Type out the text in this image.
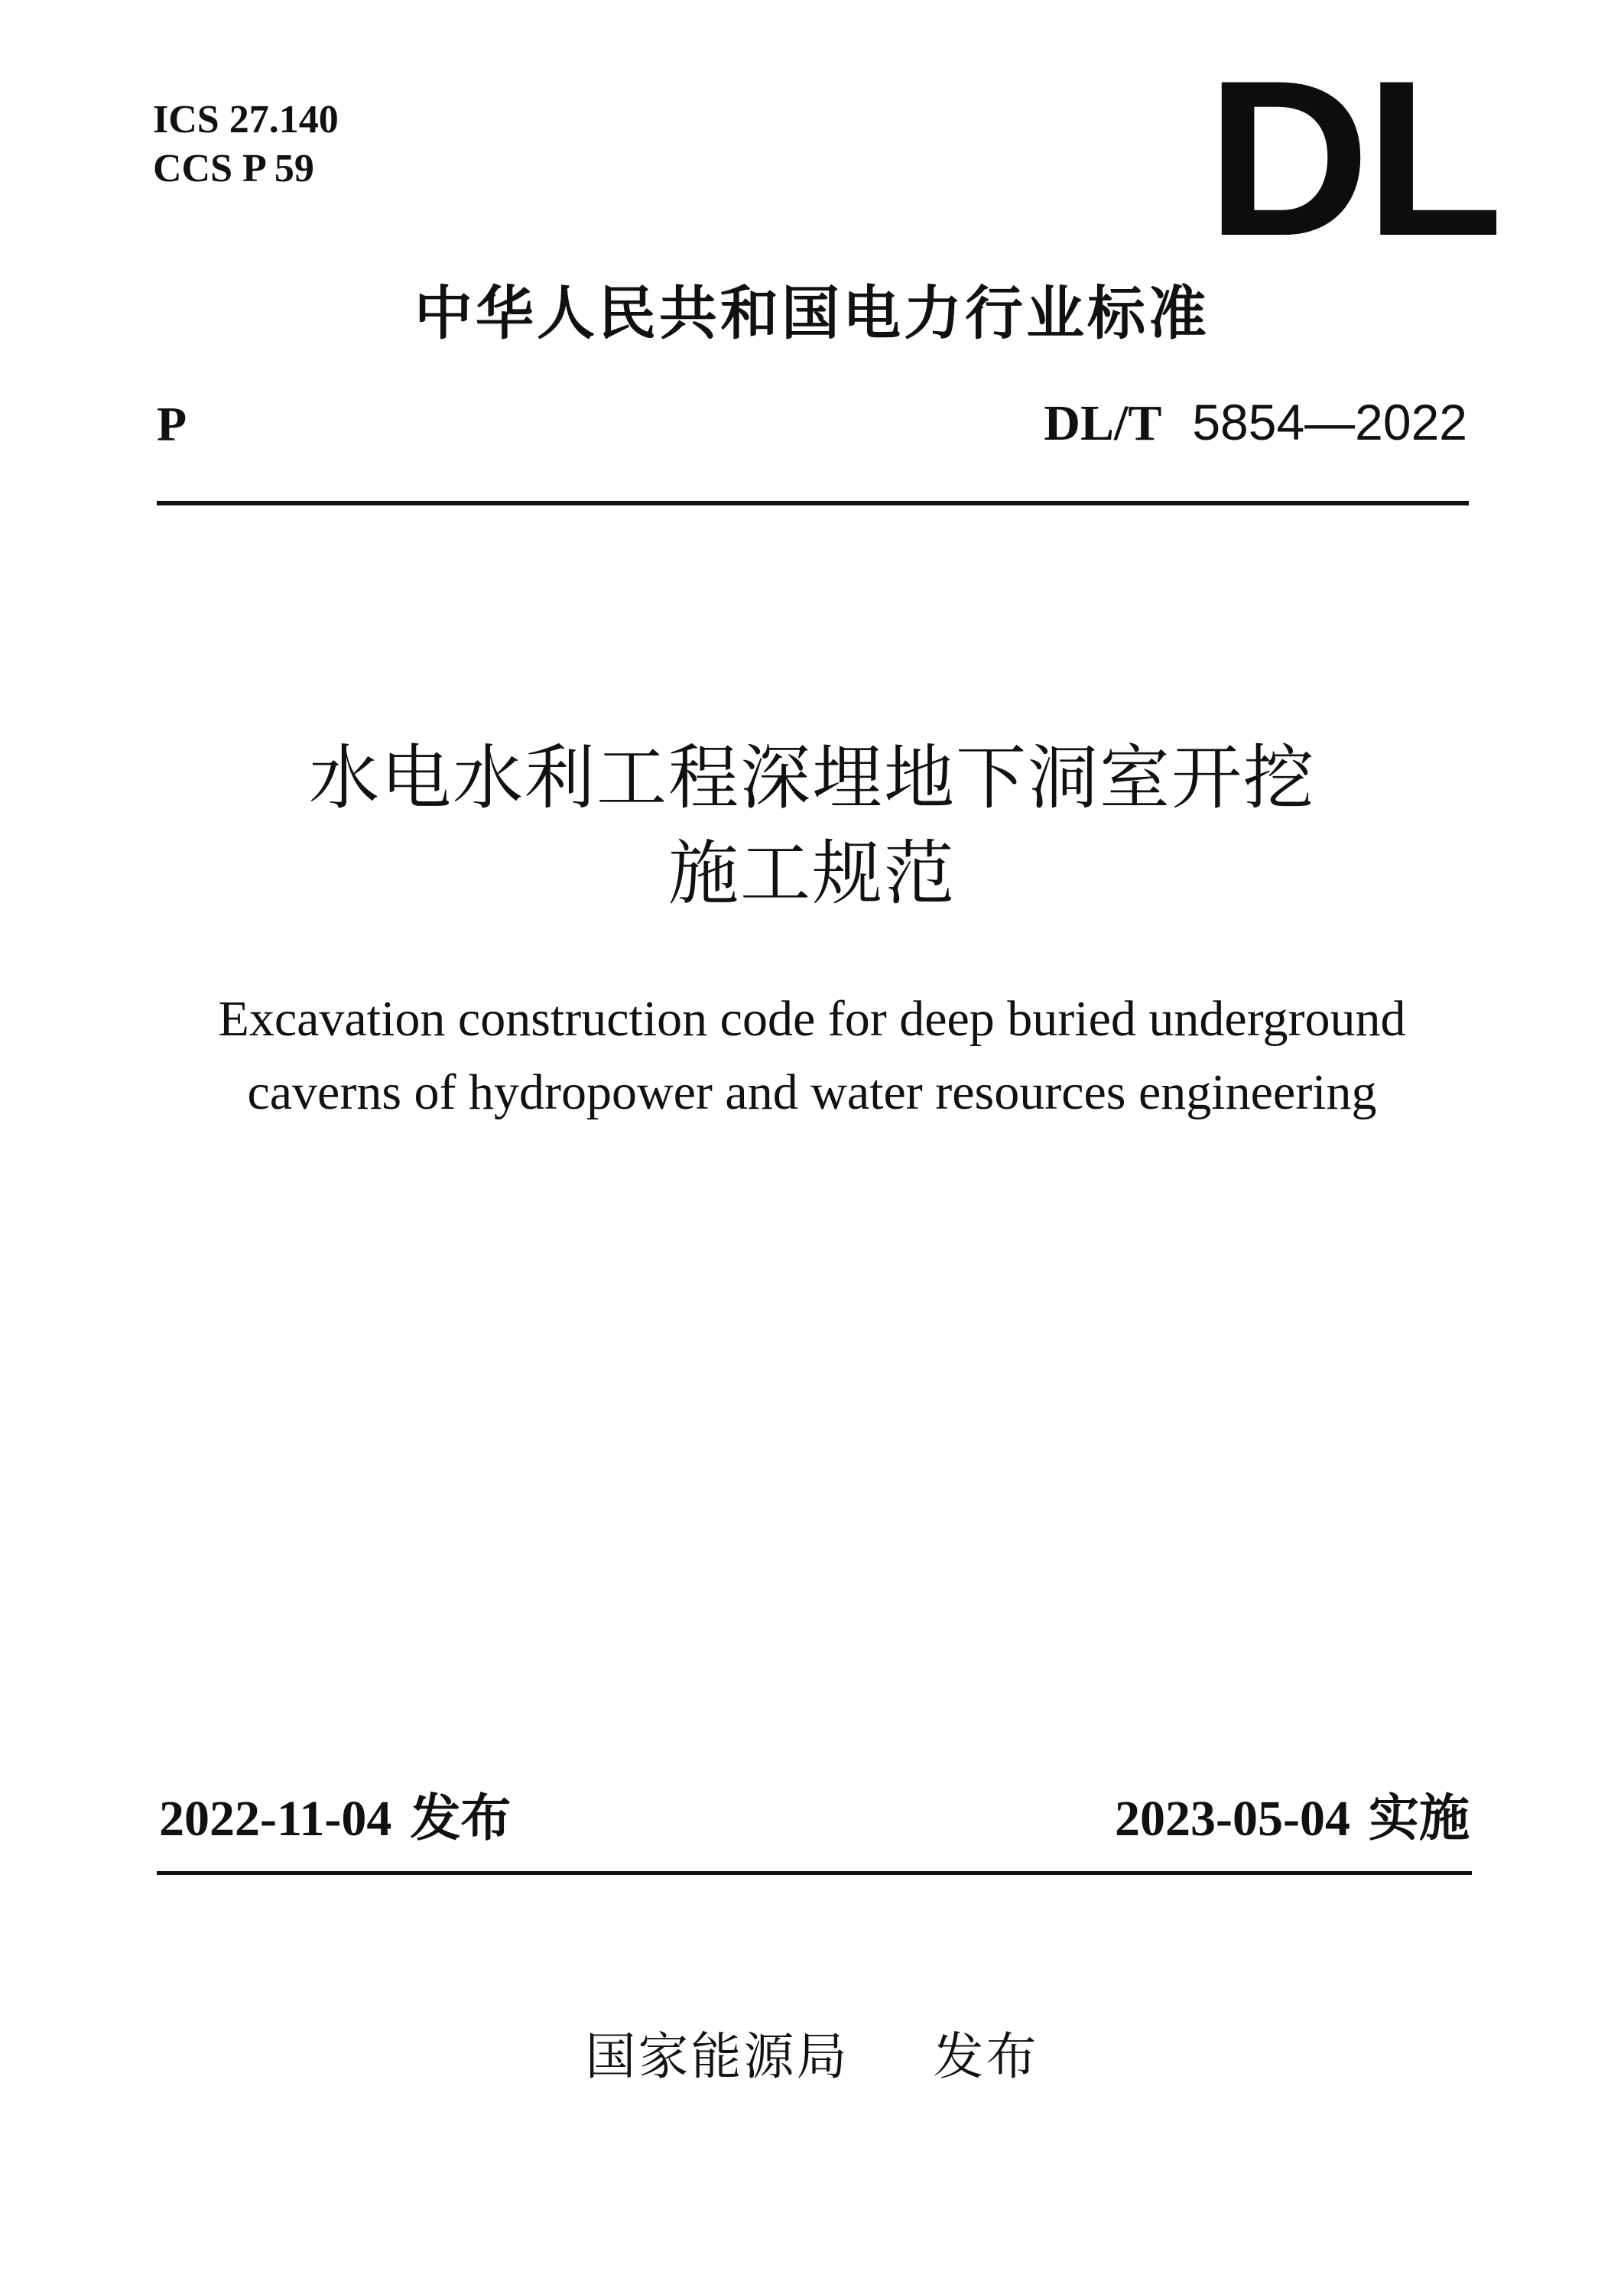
ICS 27.140
CCS P 59	DL
中华人民共和国电力行业标准
P	DL/T 5854—2022
水电水利工程深埋地下洞室开挖
施工规范
Excavation construction code for deep buried underground
caverns of hydropower and water resources engineering
2022-11-04 发布	2023-05-04 实施
国家能源局 发布
